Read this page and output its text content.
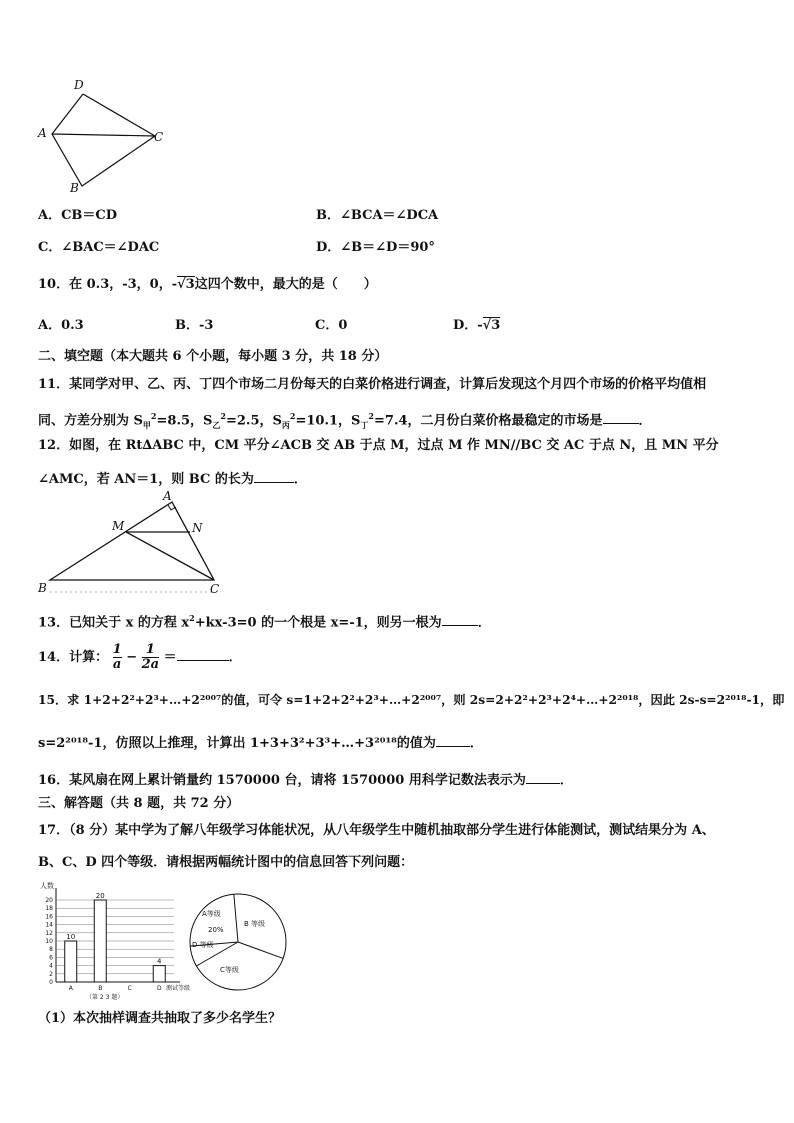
D
A	C
B
A．CB＝CD	B．∠BCA＝∠DCA
C．∠BAC＝∠DAC	D．∠B＝∠D＝90°
10．在 0.3，-3，0，-√3这四个数中，最大的是（　　）
A．0.3	B．-3	C．0	D．-√3
二、填空题（本大题共 6 个小题，每小题 3 分，共 18 分）
11．某同学对甲、乙、丙、丁四个市场二月份每天的白菜价格进行调查，计算后发现这个月四个市场的价格平均值相
同、方差分别为 $S_甲^2=8.5$，$S_乙^2=2.5$，$S_丙^2=10.1$，$S_丁^2=7.4$，二月份白菜价格最稳定的市场是	．
12．如图，在 Rt∆ABC 中，CM 平分∠ACB 交 AB 于点 M，过点 M 作 MN//BC 交 AC 于点 N，且 MN 平分
∠AMC，若 AN＝1，则 BC 的长为	．
A
M	N
B	C
13．已知关于 x 的方程 $x^2+kx-3=0$ 的一个根是 x=-1，则另一根为	．
14．计算： $\frac{1}{a} - \frac{1}{2a}$ ＝	．
15．求 1+2+2²+2³+…+2²⁰⁰⁷的值，可令 s=1+2+2²+2³+…+2²⁰⁰⁷，则 2s=2+2²+2³+2⁴+…+2²⁰¹⁸，因此 2s-s=2²⁰¹⁸-1，即
s=2²⁰¹⁸-1，仿照以上推理，计算出 1+3+3²+3³+…+3²⁰¹⁸的值为	．
16．某风扇在网上累计销量约 1570000 台，请将 1570000 用科学记数法表示为	．
三、解答题（共 8 题，共 72 分）
17．（8 分）某中学为了解八年级学习体能状况，从八年级学生中随机抽取部分学生进行体能测试，测试结果分为 A、
B、C、D 四个等级．请根据两幅统计图中的信息回答下列问题：
0
2
4
6
8
10
12
14
16
18
20
人数
10
A
20
B	C
4
D 测试等级
（第 2 3 题）
A等级
20%
B 等级
C等级
D 等级
（1）本次抽样调查共抽取了多少名学生？
